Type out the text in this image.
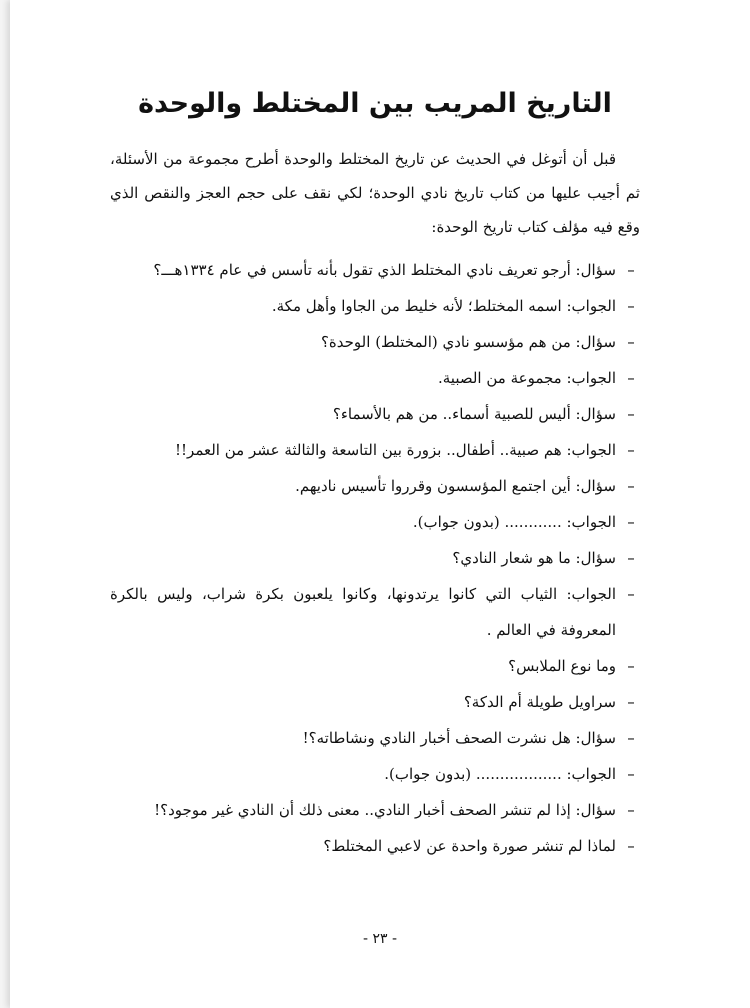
التاريخ المريب بين المختلط والوحدة

قبل أن أتوغل في الحديث عن تاريخ المختلط والوحدة أطرح مجموعة من الأسئلة، ثم أجيب عليها من كتاب تاريخ نادي الوحدة؛ لكي نقف على حجم العجز والنقص الذي وقع فيه مؤلف كتاب تاريخ الوحدة:

–
سؤال: أرجو تعريف نادي المختلط الذي تقول بأنه تأسس في عام ١٣٣٤هـــ؟
–
الجواب: اسمه المختلط؛ لأنه خليط من الجاوا وأهل مكة.
–
سؤال: من هم مؤسسو نادي (المختلط) الوحدة؟
–
الجواب: مجموعة من الصبية.
–
سؤال: أليس للصبية أسماء.. من هم بالأسماء؟
–
الجواب: هم صبية.. أطفال.. بزورة بين التاسعة والثالثة عشر من العمر!!
–
سؤال: أين اجتمع المؤسسون وقرروا تأسيس ناديهم.
–
الجواب: ............ (بدون جواب).
–
سؤال: ما هو شعار النادي؟
–
الجواب: الثياب التي كانوا يرتدونها، وكانوا يلعبون بكرة شراب، وليس بالكرة المعروفة في العالم .
–
وما نوع الملابس؟
–
سراويل طويلة أم الدكة؟
–
سؤال: هل نشرت الصحف أخبار النادي ونشاطاته؟!
–
الجواب: .................. (بدون جواب).
–
سؤال: إذا لم تنشر الصحف أخبار النادي.. معنى ذلك أن النادي غير موجود؟!
–
لماذا لم تنشر صورة واحدة عن لاعبي المختلط؟
- ٢٣ -
